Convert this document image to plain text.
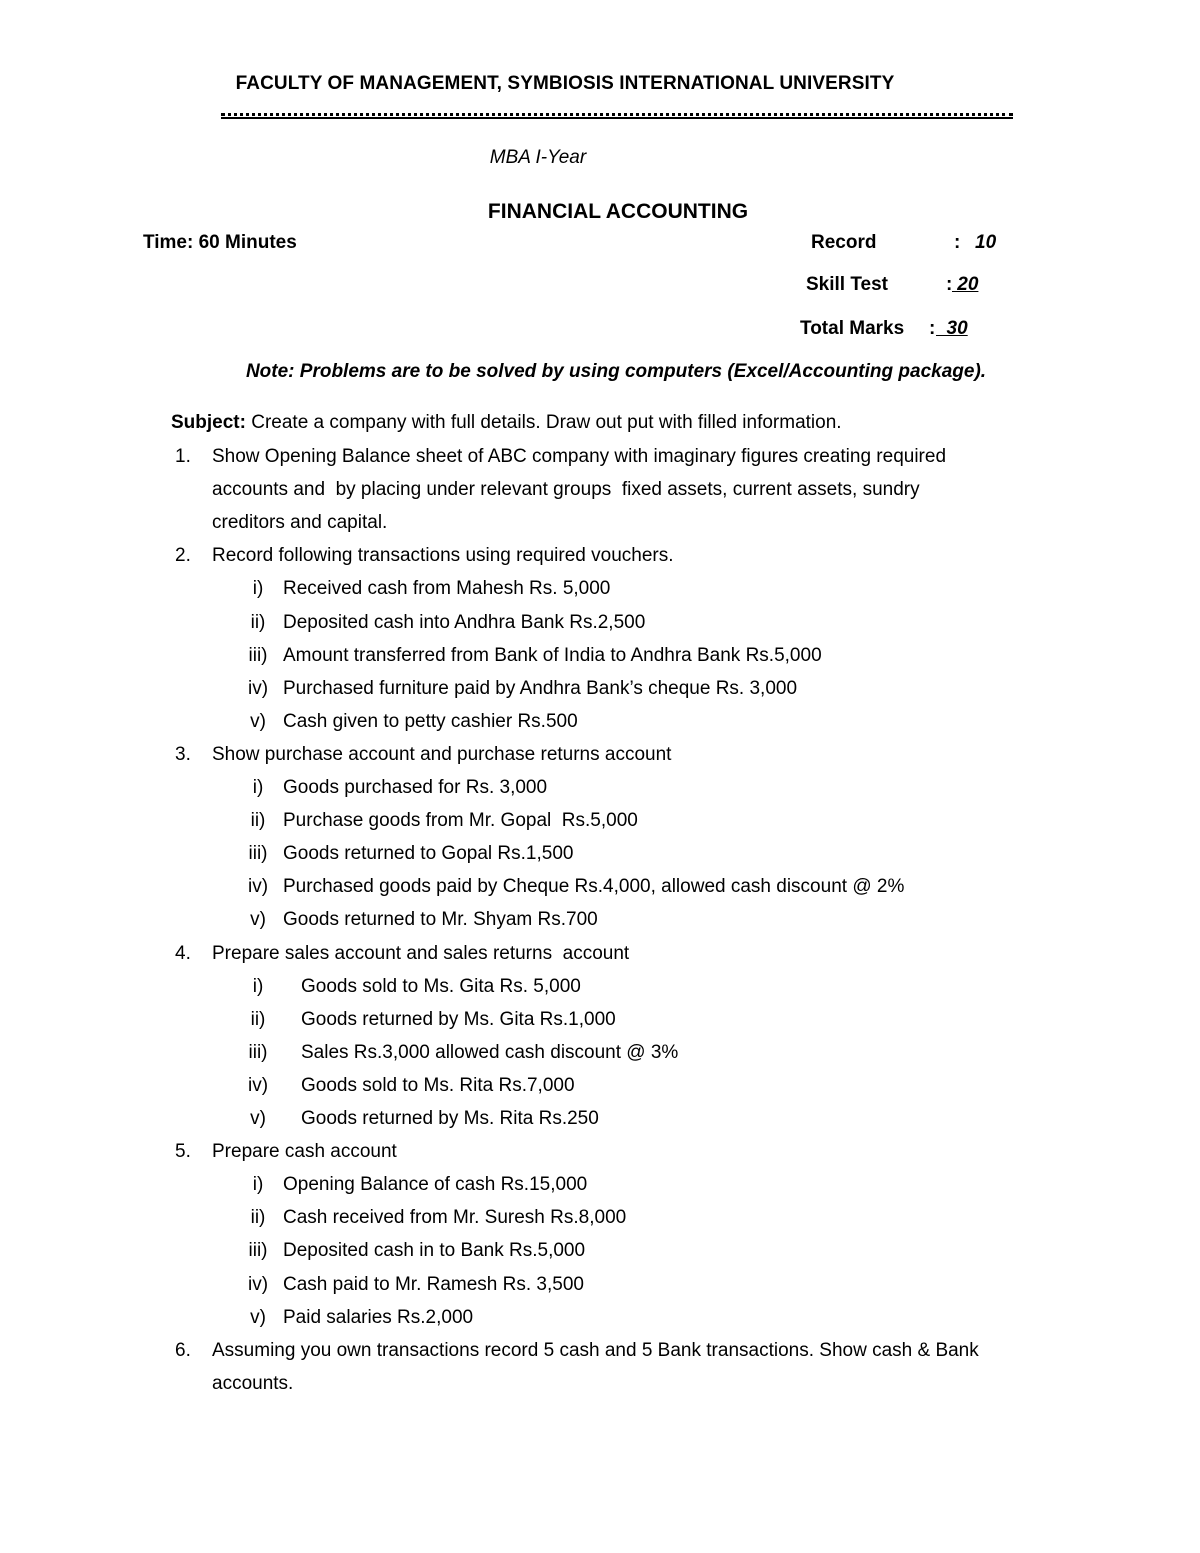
FACULTY OF MANAGEMENT, SYMBIOSIS INTERNATIONAL UNIVERSITY
MBA I-Year
FINANCIAL ACCOUNTING
Time: 60 Minutes	Record	: 10
Skill Test	: 20
Total Marks : 30
Note: Problems are to be solved by using computers (Excel/Accounting package).
Subject: Create a company with full details. Draw out put with filled information.
1.	Show Opening Balance sheet of ABC company with imaginary figures creating required
accounts and  by placing under relevant groups  fixed assets, current assets, sundry
creditors and capital.
2.	Record following transactions using required vouchers.
i)	Received cash from Mahesh Rs. 5,000
ii) Deposited cash into Andhra Bank Rs.2,500
iii) Amount transferred from Bank of India to Andhra Bank Rs.5,000
iv) Purchased furniture paid by Andhra Bank’s cheque Rs. 3,000
v) Cash given to petty cashier Rs.500
3.	Show purchase account and purchase returns account
i)	Goods purchased for Rs. 3,000
ii) Purchase goods from Mr. Gopal  Rs.5,000
iii) Goods returned to Gopal Rs.1,500
iv) Purchased goods paid by Cheque Rs.4,000, allowed cash discount @ 2%
v) Goods returned to Mr. Shyam Rs.700
4.	Prepare sales account and sales returns  account
i)	Goods sold to Ms. Gita Rs. 5,000
ii)	Goods returned by Ms. Gita Rs.1,000
iii)	Sales Rs.3,000 allowed cash discount @ 3%
iv)	Goods sold to Ms. Rita Rs.7,000
v)	Goods returned by Ms. Rita Rs.250
5.	Prepare cash account
i)	Opening Balance of cash Rs.15,000
ii) Cash received from Mr. Suresh Rs.8,000
iii) Deposited cash in to Bank Rs.5,000
iv) Cash paid to Mr. Ramesh Rs. 3,500
v) Paid salaries Rs.2,000
6.	Assuming you own transactions record 5 cash and 5 Bank transactions. Show cash & Bank
accounts.
